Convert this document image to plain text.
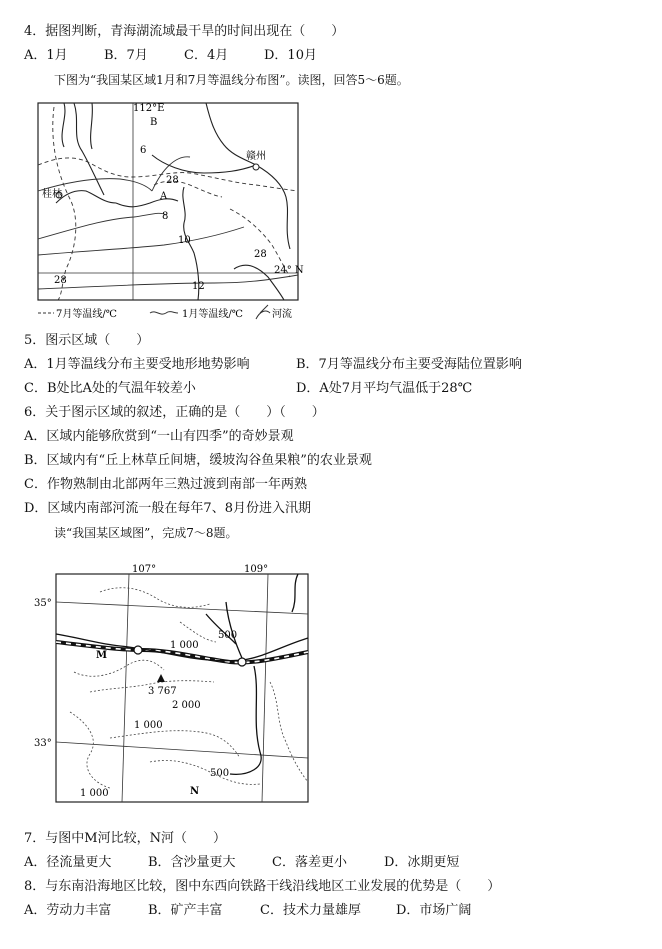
4．据图判断，青海湖流域最干旱的时间出现在（　　）
A．1月	B．7月	C．4月	D．10月
下图为“我国某区域1月和7月等温线分布图”。读图，回答5～6题。
112°E
B
6
赣州
28
桂林	A
8
10
28
24° N
28
12
7月等温线/℃	1月等温线/℃	河流
5．图示区域（　　）
A．1月等温线分布主要受地形地势影响	B．7月等温线分布主要受海陆位置影响
C．B处比A处的气温年较差小	D．A处7月平均气温低于28℃
6．关于图示区域的叙述，正确的是（　　）（　　）
A．区域内能够欣赏到“一山有四季”的奇妙景观
B．区域内有“丘上林草丘间塘，缓坡沟谷鱼果粮”的农业景观
C．作物熟制由北部两年三熟过渡到南部一年两熟
D．区域内南部河流一般在每年7、8月份进入汛期
读“我国某区域图”，完成7～8题。
107°	109°
35°
33°
500
1 000
M
3 767
2 000
1 000
500
N
1 000
7．与图中M河比较，N河（　　）
A．径流量更大	B．含沙量更大	C．落差更小	D．冰期更短
8．与东南沿海地区比较，图中东西向铁路干线沿线地区工业发展的优势是（　　）
A．劳动力丰富	B．矿产丰富	C．技术力量雄厚	D．市场广阔
